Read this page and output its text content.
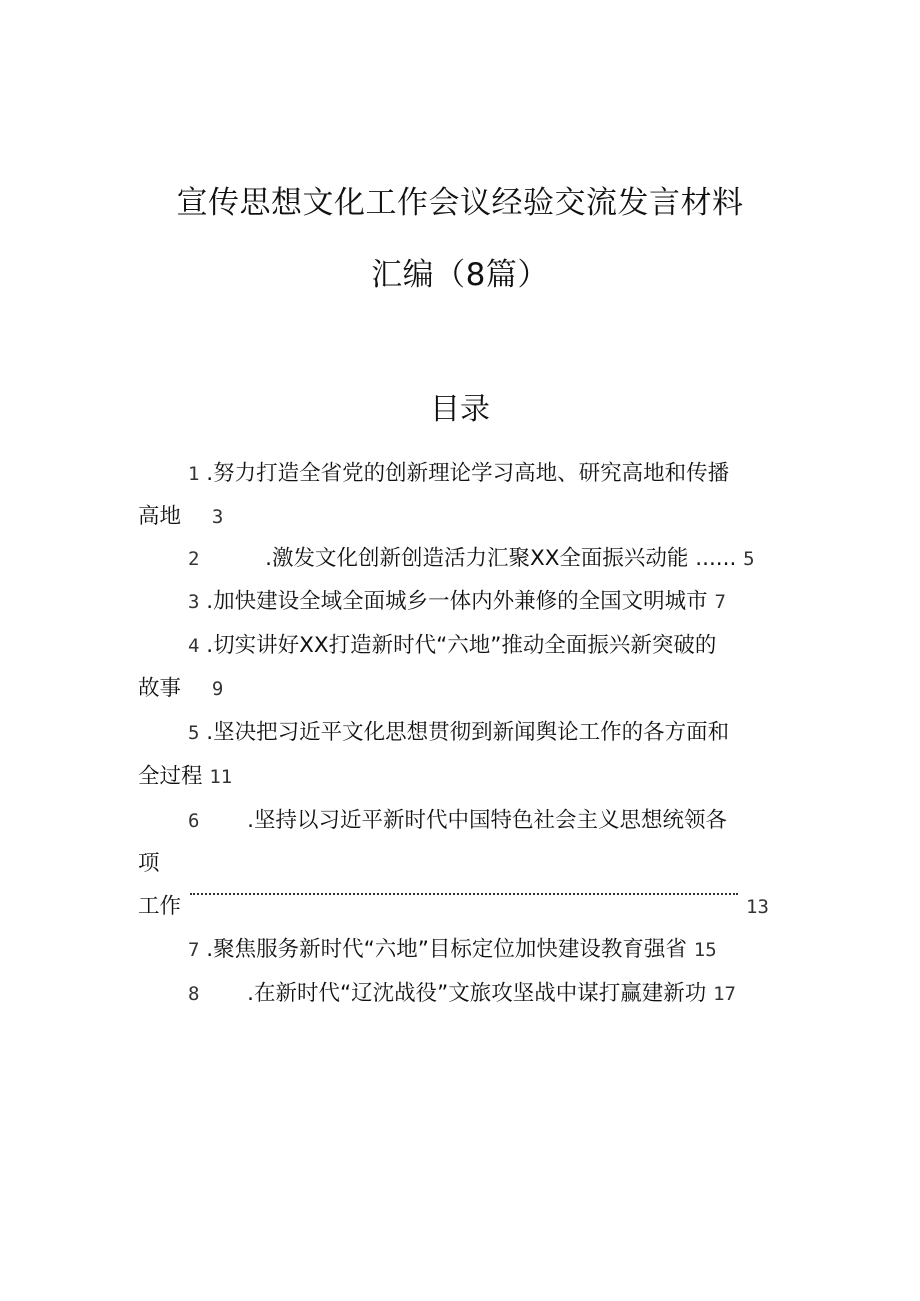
宣传思想文化工作会议经验交流发言材料
汇编（8篇）
目录
1 .努力打造全省党的创新理论学习高地、研究高地和传播
高地 3
2	.激发文化创新创造活力汇聚XX全面振兴动能 ...... 5
3 .加快建设全域全面城乡一体内外兼修的全国文明城市 7
4 .切实讲好XX打造新时代“六地”推动全面振兴新突破的
故事 9
5 .坚决把习近平文化思想贯彻到新闻舆论工作的各方面和
全过程 11
6 .坚持以习近平新时代中国特色社会主义思想统领各
项
工作	13
7 .聚焦服务新时代“六地”目标定位加快建设教育强省 15
8 .在新时代“辽沈战役”文旅攻坚战中谋打赢建新功 17
